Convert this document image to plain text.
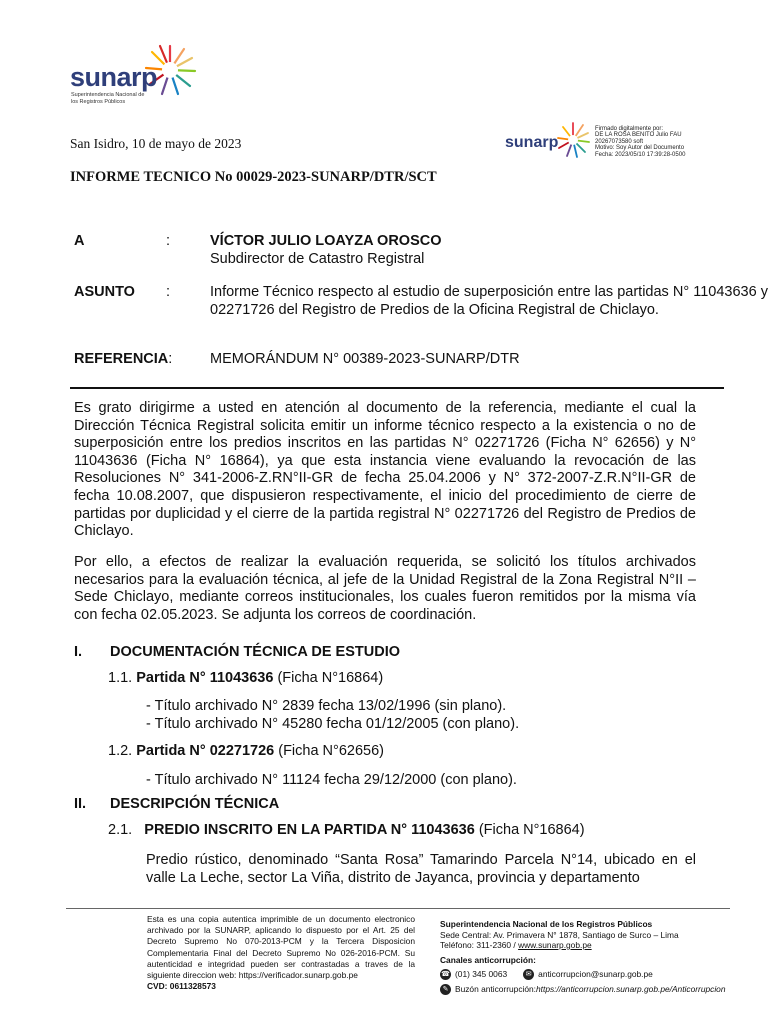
sunarp
Superintendencia Nacional de los Registros Públicos
San Isidro, 10 de mayo de 2023
INFORME TECNICO No 00029-2023-SUNARP/DTR/SCT
sunarp
Firmado digitalmente por:
DE LA ROSA BENITO Julio FAU
20267073580 soft
Motivo: Soy Autor del Documento
Fecha: 2023/05/10 17:39:28-0500
A	:	VÍCTOR JULIO LOAYZA OROSCO
Subdirector de Catastro Registral
ASUNTO :	Informe Técnico respecto al estudio de superposición entre las partidas N° 11043636 y 02271726 del Registro de Predios de la Oficina Registral de Chiclayo.
REFERENCIA:	MEMORÁNDUM N° 00389-2023-SUNARP/DTR
Es grato dirigirme a usted en atención al documento de la referencia, mediante el cual la Dirección Técnica Registral solicita emitir un informe técnico respecto a la existencia o no de superposición entre los predios inscritos en las partidas N° 02271726 (Ficha N° 62656) y N° 11043636 (Ficha N° 16864), ya que esta instancia viene evaluando la revocación de las Resoluciones N° 341-2006-Z.RN°II-GR de fecha 25.04.2006 y N° 372-2007-Z.R.N°II-GR de fecha 10.08.2007, que dispusieron respectivamente, el inicio del procedimiento de cierre de partidas por duplicidad y el cierre de la partida registral N° 02271726 del Registro de Predios de Chiclayo.
Por ello, a efectos de realizar la evaluación requerida, se solicitó los títulos archivados necesarios para la evaluación técnica, al jefe de la Unidad Registral de la Zona Registral N°II – Sede Chiclayo, mediante correos institucionales, los cuales fueron remitidos por la misma vía con fecha 02.05.2023. Se adjunta los correos de coordinación.
I. DOCUMENTACIÓN TÉCNICA DE ESTUDIO
1.1. Partida N° 11043636 (Ficha N°16864)
- Título archivado N° 2839 fecha 13/02/1996 (sin plano).
- Título archivado N° 45280 fecha 01/12/2005 (con plano).
1.2. Partida N° 02271726 (Ficha N°62656)
- Título archivado N° 11124 fecha 29/12/2000 (con plano).
II. DESCRIPCIÓN TÉCNICA
2.1. PREDIO INSCRITO EN LA PARTIDA N° 11043636 (Ficha N°16864)
Predio rústico, denominado “Santa Rosa” Tamarindo Parcela N°14, ubicado en el valle La Leche, sector La Viña, distrito de Jayanca, provincia y departamento
Esta es una copia autentica imprimible de un documento electronico archivado por la SUNARP, aplicando lo dispuesto por el Art. 25 del Decreto Supremo No 070-2013-PCM y la Tercera Disposicion Complementaria Final del Decreto Supremo No 026-2016-PCM. Su autenticidad e integridad pueden ser contrastadas a traves de la siguiente direccion web: https://verificador.sunarp.gob.pe
CVD: 0611328573
Superintendencia Nacional de los Registros Públicos
Sede Central: Av. Primavera N° 1878, Santiago de Surco – Lima
Teléfono: 311-2360 / www.sunarp.gob.pe
Canales anticorrupción:
☎ (01) 345 0063	✉ anticorrupcion@sunarp.gob.pe
✎ Buzón anticorrupción: https://anticorrupcion.sunarp.gob.pe/Anticorrupcion
